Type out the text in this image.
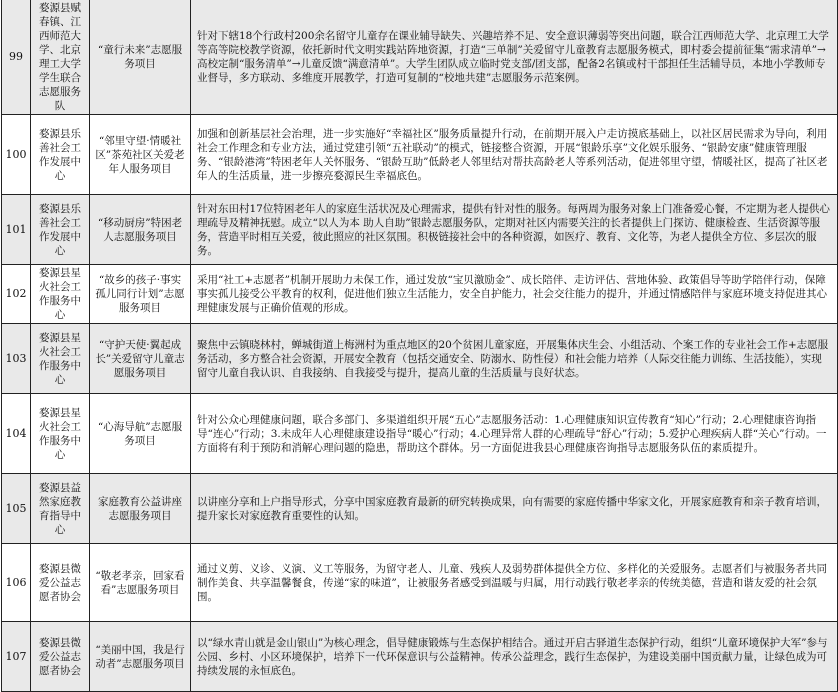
99	婺源县赋春镇、江西师范大学、北京理工大学学生联合志愿服务队	“童行未来”志愿服务项目	针对下辖18个行政村200余名留守儿童存在课业辅导缺失、兴趣培养不足、安全意识薄弱等突出问题，联合江西师范大学、北京理工大学等高等院校教学资源，依托新时代文明实践站阵地资源，打造“三单制”关爱留守儿童教育志愿服务模式，即村委会提前征集“需求清单”→高校定制“服务清单”→儿童反馈“满意清单”。大学生团队成立临时党支部/团支部，配备2名镇或村干部担任生活辅导员，本地小学教师专业督导，多方联动、多维度开展教学，打造可复制的“校地共建”志愿服务示范案例。
100	婺源县乐善社会工作发展中心	“邻里守望·情暖社区”茶苑社区关爱老年人服务项目	加强和创新基层社会治理，进一步实施好“幸福社区”服务质量提升行动，在前期开展入户走访摸底基础上，以社区居民需求为导向，利用社会工作理念和专业方法，通过党建引领“五社联动”的模式，链接整合资源，开展“银龄乐享”文化娱乐服务、“银龄安康”健康管理服务、“银龄港湾”特困老年人关怀服务、“银龄互助”低龄老人邻里结对帮扶高龄老人等系列活动，促进邻里守望，情暖社区，提高了社区老年人的生活质量，进一步擦亮婺源民生幸福底色。
101	婺源县乐善社会工作发展中心	“移动厨房”特困老人志愿服务项目	针对东田村17位特困老年人的家庭生活状况及心理需求，提供有针对性的服务。每两周为服务对象上门准备爱心餐，不定期为老人提供心理疏导及精神抚慰。成立“以人为本 助人自助”银龄志愿服务队，定期对社区内需要关注的长者提供上门探访、健康检查、生活资源等服务，营造平时相互关爱，彼此照应的社区氛围。积极链接社会中的各种资源，如医疗、教育、文化等，为老人提供全方位、多层次的服务。
102	婺源县星火社会工作服务中心	“故乡的孩子·事实孤儿同行计划”志愿服务项目	采用“社工+志愿者”机制开展助力未保工作，通过发放“宝贝激励金”、成长陪伴、走访评估、营地体验、政策倡导等助学陪伴行动，保障事实孤儿接受公平教育的权利，促进他们独立生活能力，安全自护能力，社会交往能力的提升，并通过情感陪伴与家庭环境支持促进其心理健康发展与正确价值观的形成。
103	婺源县星火社会工作服务中心	“守护天使·翼起成长”关爱留守儿童志愿服务项目	聚焦中云镇晓林村，蝉城街道上梅洲村为重点地区的20个贫困儿童家庭，开展集体庆生会、小组活动、个案工作的专业社会工作+志愿服务活动，多方整合社会资源，开展安全教育（包括交通安全、防溺水、防性侵）和社会能力培养（人际交往能力训练、生活技能），实现留守儿童自我认识、自我接纳、自我接受与提升，提高儿童的生活质量与良好状态。
104	婺源县星火社会工作服务中心	“心海导航”志愿服务项目	针对公众心理健康问题，联合多部门、多渠道组织开展“五心”志愿服务活动：1.心理健康知识宣传教育“知心”行动；2.心理健康咨询指导“连心”行动；3.未成年人心理健康建设指导“暖心”行动；4.心理异常人群的心理疏导“舒心”行动；5.爱护心理疾病人群“关心”行动。一方面将有利于预防和消解心理问题的隐患，帮助这个群体。另一方面促进我县心理健康咨询指导志愿服务队伍的素质提升。
105	婺源县益然家庭教育指导中心	家庭教育公益讲座志愿服务项目	以讲座分享和上户指导形式，分享中国家庭教育最新的研究转换成果，向有需要的家庭传播中华家文化，开展家庭教育和亲子教育培训，提升家长对家庭教育重要性的认知。
106	婺源县微爱公益志愿者协会	“敬老孝亲，回家看看”志愿服务项目	通过义剪、义诊、义演、义工等服务，为留守老人、儿童、残疾人及弱势群体提供全方位、多样化的关爱服务。志愿者们与被服务者共同制作美食、共享温馨餐食，传递“家的味道”，让被服务者感受到温暖与归属，用行动践行敬老孝亲的传统美德，营造和谐友爱的社会氛围。
107	婺源县微爱公益志愿者协会	“美丽中国，我是行动者”志愿服务项目	以“绿水青山就是金山银山”为核心理念，倡导健康锻炼与生态保护相结合。通过开启古驿道生态保护行动，组织“儿童环境保护大军”参与公园、乡村、小区环境保护，培养下一代环保意识与公益精神。传承公益理念，践行生态保护，为建设美丽中国贡献力量，让绿色成为可持续发展的永恒底色。
